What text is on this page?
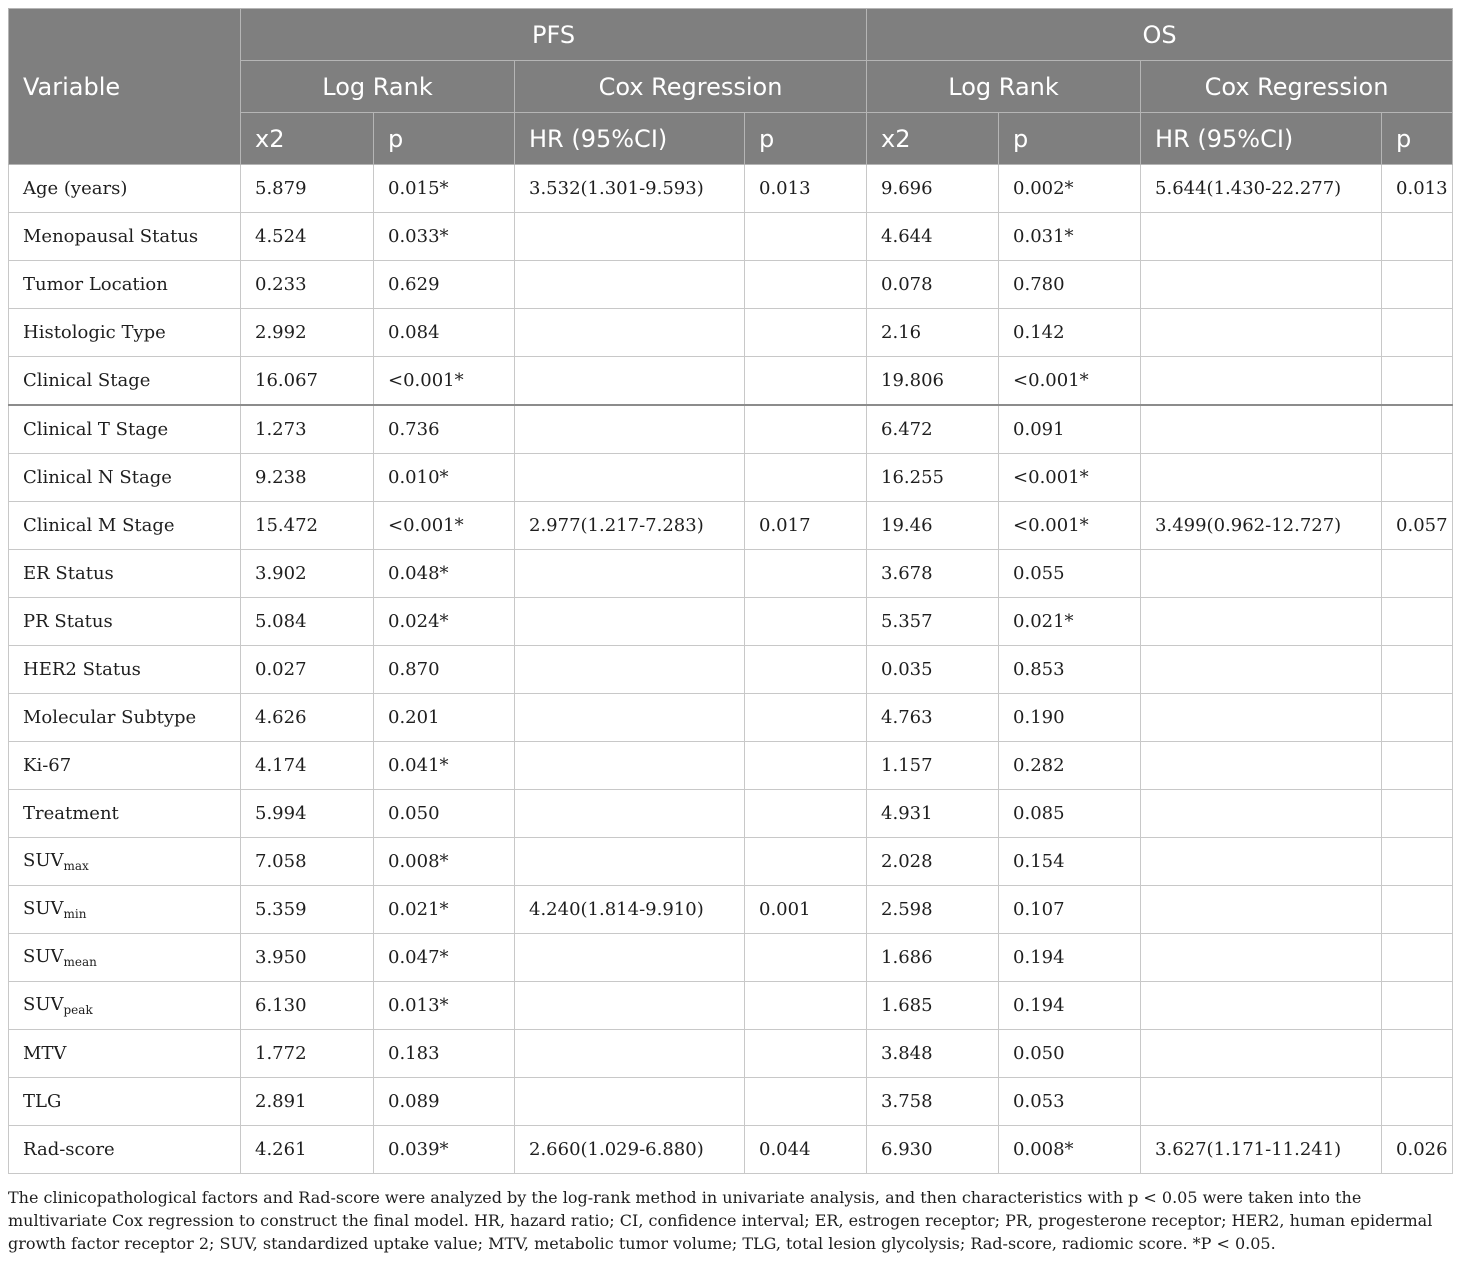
Variable	PFS				OS			
	Log Rank		Cox Regression		Log Rank		Cox Regression	
	x2	p	HR (95%CI)	p	x2	p	HR (95%CI)	p
Age (years)	5.879	0.015*	3.532(1.301-9.593)	0.013	9.696	0.002*	5.644(1.430-22.277)	0.013
Menopausal Status	4.524	0.033*			4.644	0.031*		
Tumor Location	0.233	0.629			0.078	0.780		
Histologic Type	2.992	0.084			2.16	0.142		
Clinical Stage	16.067	<0.001*			19.806	<0.001*		
Clinical T Stage	1.273	0.736			6.472	0.091		
Clinical N Stage	9.238	0.010*			16.255	<0.001*		
Clinical M Stage	15.472	<0.001*	2.977(1.217-7.283)	0.017	19.46	<0.001*	3.499(0.962-12.727)	0.057
ER Status	3.902	0.048*			3.678	0.055		
PR Status	5.084	0.024*			5.357	0.021*		
HER2 Status	0.027	0.870			0.035	0.853		
Molecular Subtype	4.626	0.201			4.763	0.190		
Ki-67	4.174	0.041*			1.157	0.282		
Treatment	5.994	0.050			4.931	0.085		
$SUV_{max}$	7.058	0.008*			2.028	0.154		
$SUV_{min}$	5.359	0.021*	4.240(1.814-9.910)	0.001	2.598	0.107		
$SUV_{mean}$	3.950	0.047*			1.686	0.194		
$SUV_{peak}$	6.130	0.013*			1.685	0.194		
MTV	1.772	0.183			3.848	0.050		
TLG	2.891	0.089			3.758	0.053		
Rad-score	4.261	0.039*	2.660(1.029-6.880)	0.044	6.930	0.008*	3.627(1.171-11.241)	0.026
The clinicopathological factors and Rad-score were analyzed by the log-rank method in univariate analysis, and then characteristics with p < 0.05 were taken into the multivariate Cox regression to construct the final model. HR, hazard ratio; CI, confidence interval; ER, estrogen receptor; PR, progesterone receptor; HER2, human epidermal growth factor receptor 2; SUV, standardized uptake value; MTV, metabolic tumor volume; TLG, total lesion glycolysis; Rad-score, radiomic score. *P < 0.05.
